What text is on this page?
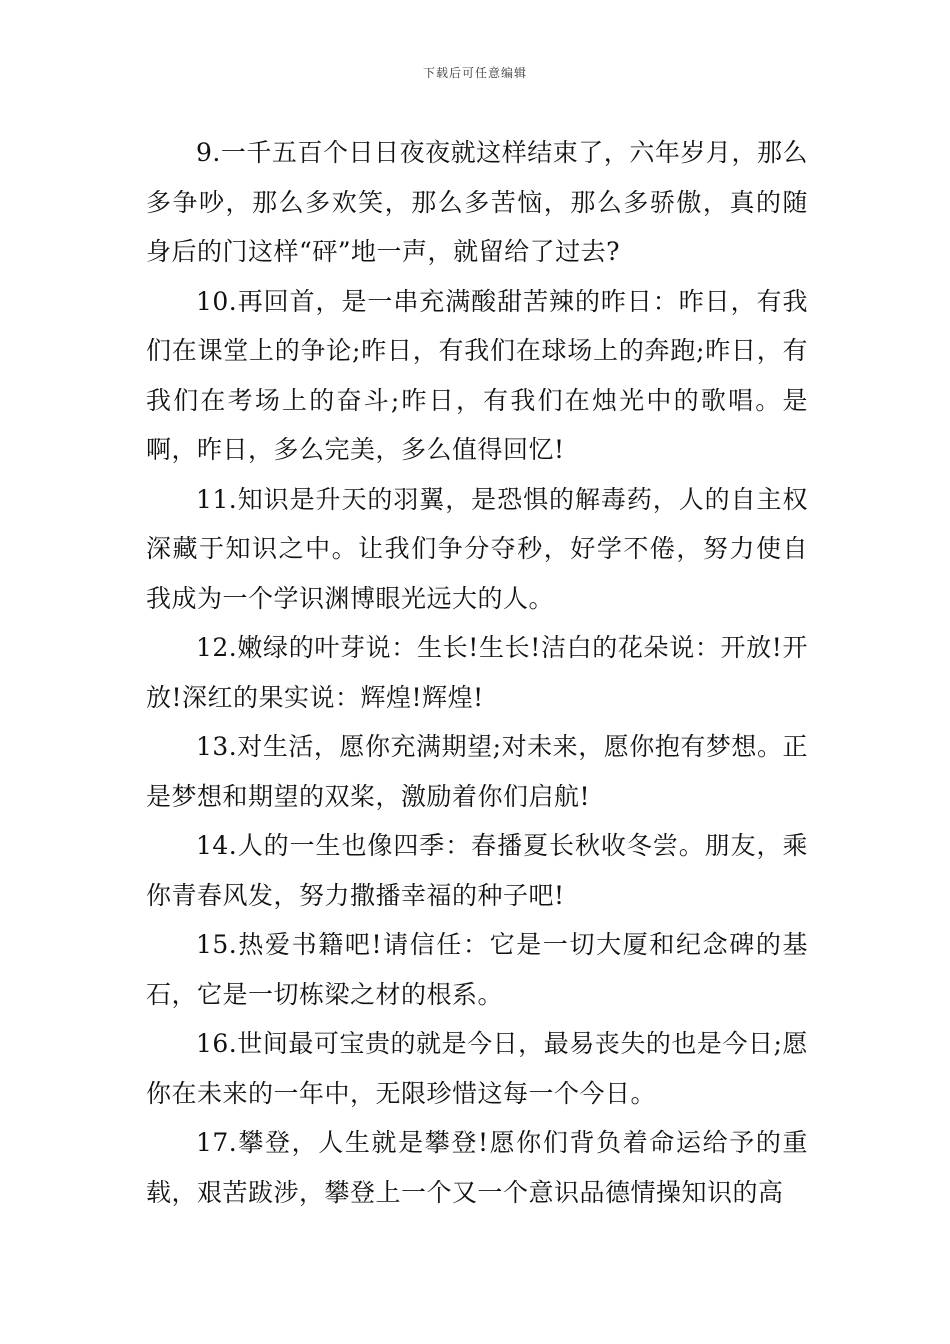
下载后可任意编辑

9.一千五百个日日夜夜就这样结束了，六年岁月，那么多争吵，那么多欢笑，那么多苦恼，那么多骄傲，真的随身后的门这样“砰”地一声，就留给了过去?

10.再回首，是一串充满酸甜苦辣的昨日：昨日，有我们在课堂上的争论;昨日，有我们在球场上的奔跑;昨日，有我们在考场上的奋斗;昨日，有我们在烛光中的歌唱。是啊，昨日，多么完美，多么值得回忆!

11.知识是升天的羽翼，是恐惧的解毒药，人的自主权深藏于知识之中。让我们争分夺秒，好学不倦，努力使自我成为一个学识渊博眼光远大的人。

12.嫩绿的叶芽说：生长!生长!洁白的花朵说：开放!开放!深红的果实说：辉煌!辉煌!

13.对生活，愿你充满期望;对未来，愿你抱有梦想。正是梦想和期望的双桨，激励着你们启航!

14.人的一生也像四季：春播夏长秋收冬尝。朋友，乘你青春风发，努力撒播幸福的种子吧!

15.热爱书籍吧!请信任：它是一切大厦和纪念碑的基石，它是一切栋梁之材的根系。

16.世间最可宝贵的就是今日，最易丧失的也是今日;愿你在未来的一年中，无限珍惜这每一个今日。

17.攀登，人生就是攀登!愿你们背负着命运给予的重载，艰苦跋涉，攀登上一个又一个意识品德情操知识的高
